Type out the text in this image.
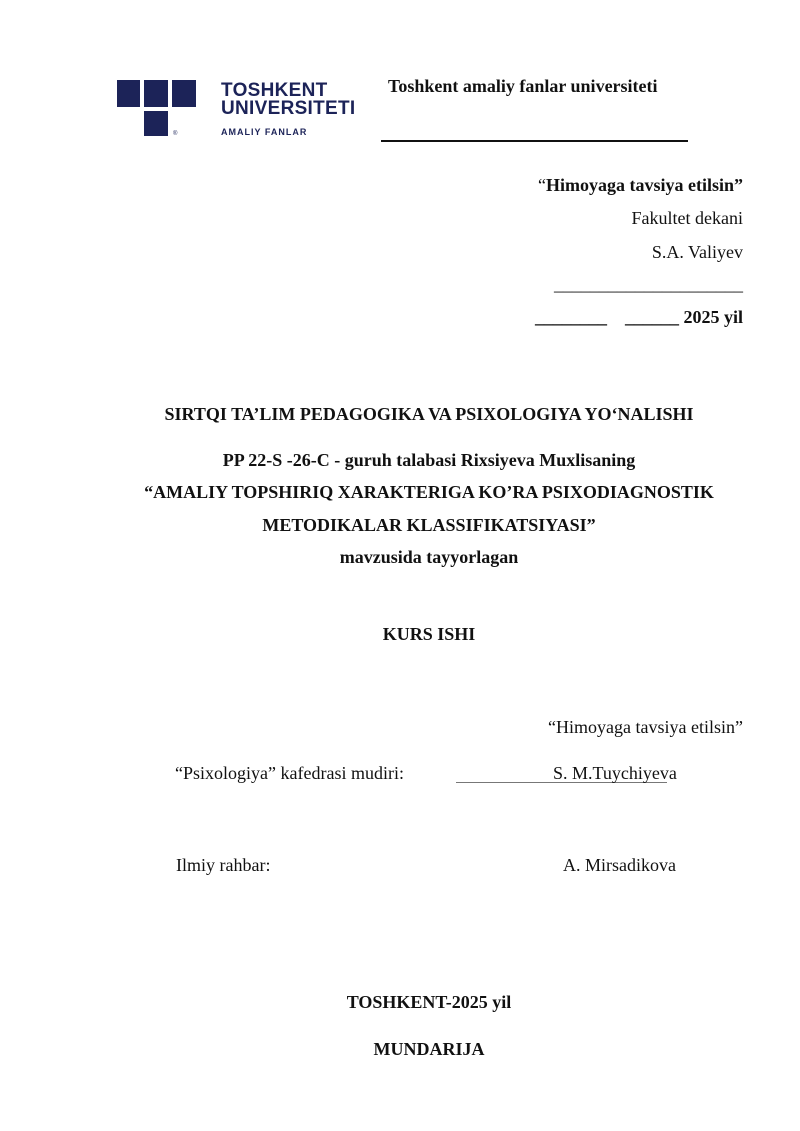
®
TOSHKENT
UNIVERSITETI
AMALIY FANLAR
Toshkent amaliy fanlar universiteti
“Himoyaga tavsiya etilsin”
Fakultet dekani
S.A. Valiyev
_____________________
________ ______ 2025 yil
SIRTQI TA’LIM PEDAGOGIKA VA PSIXOLOGIYA YO‘NALISHI
PP 22-S -26-C - guruh talabasi Rixsiyeva Muxlisaning
“AMALIY TOPSHIRIQ XARAKTERIGA KO’RA PSIXODIAGNOSTIK
METODIKALAR KLASSIFIKATSIYASI”
mavzusida tayyorlagan
KURS ISHI
“Himoyaga tavsiya etilsin”
“Psixologiya” kafedrasi mudiri:	S. M.Tuychiyeva
Ilmiy rahbar:	A. Mirsadikova
TOSHKENT-2025 yil
MUNDARIJA
